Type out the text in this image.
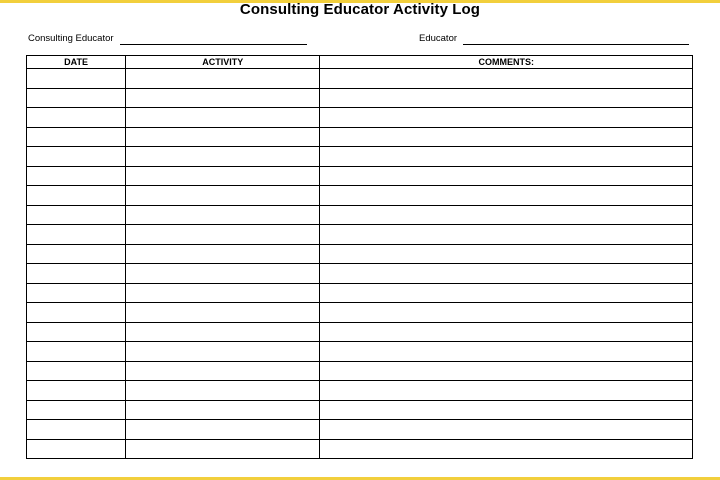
Consulting Educator Activity Log
Consulting Educator	Educator
DATE	ACTIVITY	COMMENTS:
